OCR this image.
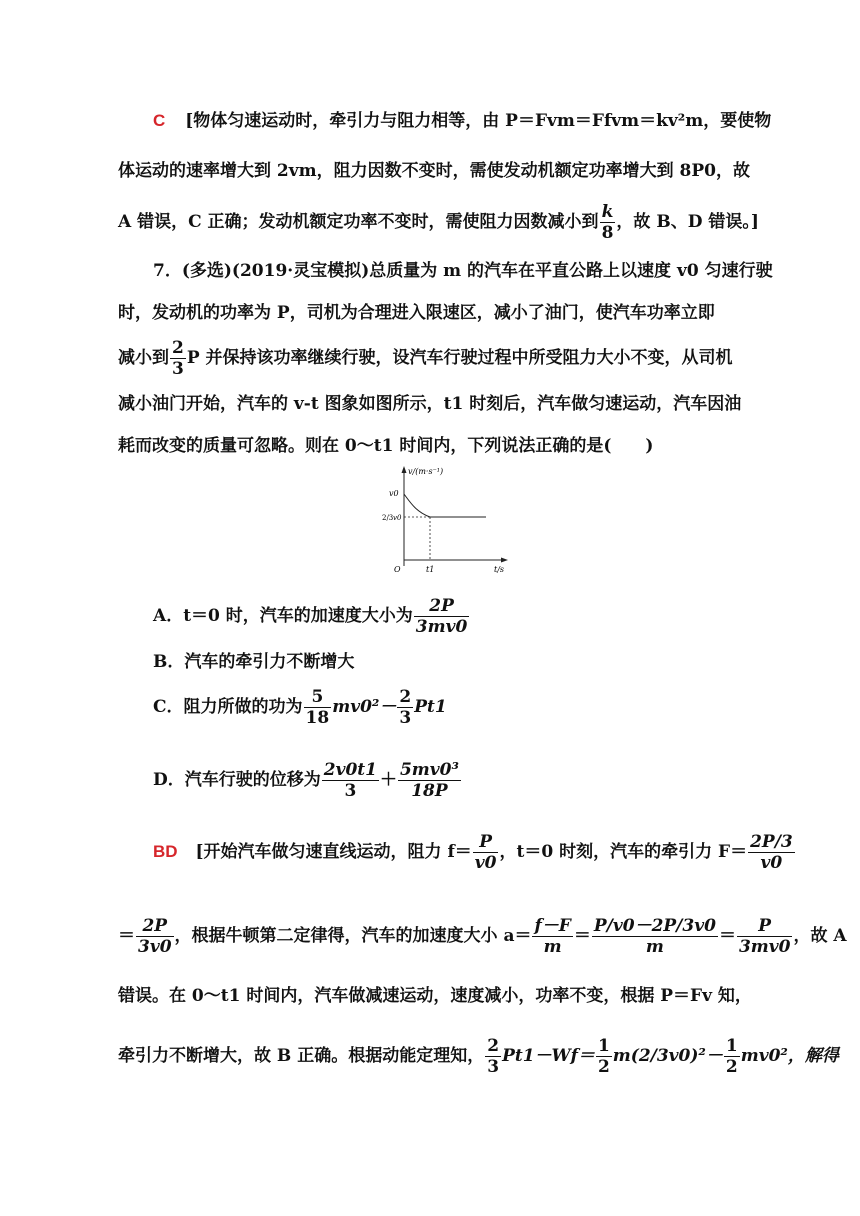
C [物体匀速运动时，牵引力与阻力相等，由 P＝Fvm＝Ffvm＝kv²m，要使物
体运动的速率增大到 2vm，阻力因数不变时，需使发动机额定功率增大到 8P0，故
A 错误，C 正确；发动机额定功率不变时，需使阻力因数减小到 $\frac{k}{8}$ ，故 B、D 错误。]
7．(多选)(2019·灵宝模拟)总质量为 m 的汽车在平直公路上以速度 v0 匀速行驶
时，发动机的功率为 P，司机为合理进入限速区，减小了油门，使汽车功率立即
减小到 $\frac{2}{3}$ P 并保持该功率继续行驶，设汽车行驶过程中所受阻力大小不变，从司机
减小油门开始，汽车的 v-t 图象如图所示，t1 时刻后，汽车做匀速运动，汽车因油
耗而改变的质量可忽略。则在 0～t1 时间内，下列说法正确的是(　　)
v/(m·s⁻¹)
v0
2/3 v0
O	t1	t/s
A．t＝0 时，汽车的加速度大小为 $\frac{2P}{3mv0}$
B．汽车的牵引力不断增大
C．阻力所做的功为 $\frac{5}{18} mv0^2- \frac{2}{3} Pt1$
D．汽车行驶的位移为 $\frac{2v0t1}{3} + \frac{\text{5mv0³}}{18P}$
BD [开始汽车做匀速直线运动，阻力 $f= \frac{P}{v0}$ ，t＝0 时刻，汽车的牵引力 $F= \frac{2P/3}{v0}$
＝ $\frac{2P}{3v0}$ ，根据牛顿第二定律得，汽车的加速度大小 $a= \frac{f-F}{m} = \frac{P/v0-2P/3v0}{m} = \frac{P}{3mv0}$ ，故 A
错误。在 0～t1 时间内，汽车做减速运动，速度减小，功率不变，根据 P＝Fv 知，
牵引力不断增大，故 B 正确。根据动能定理知， $\frac{2}{3} Pt1-Wf= \frac{1}{2} m(2/3v0)^2- \frac{1}{2} mv0^2$，解得
